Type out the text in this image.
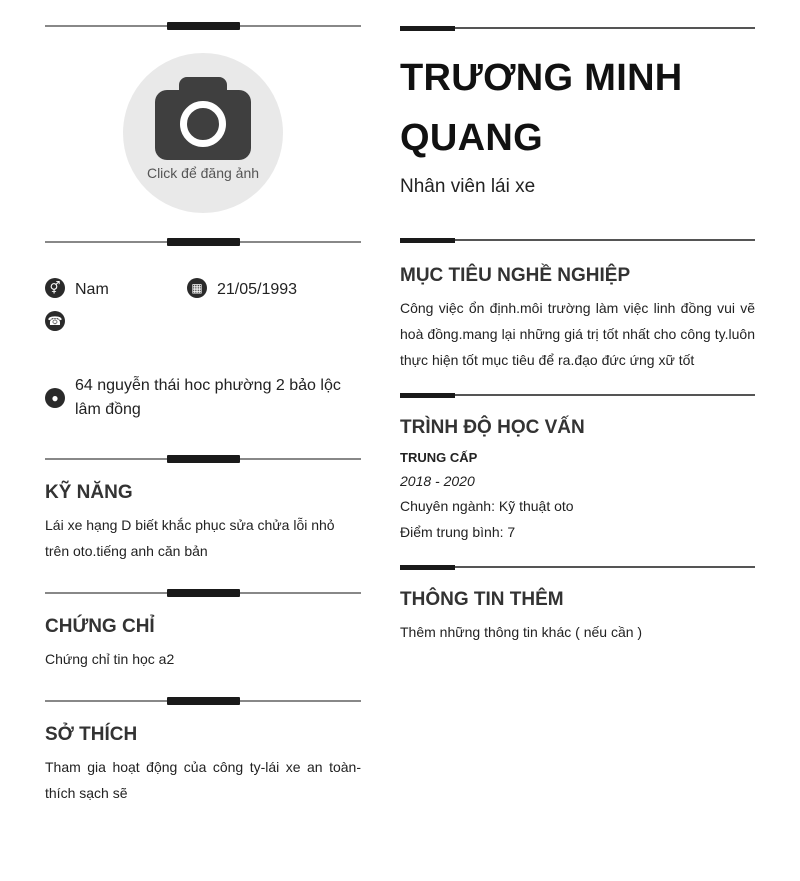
Click để đăng ảnh
⚥ Nam	▦ 21/05/1993
☎
●
64 nguyễn thái hoc phường 2 bảo lộc lâm đồng
KỸ NĂNG
Lái xe hạng D biết khắc phục sửa chửa lỗi nhỏ trên oto.tiếng anh căn bản
CHỨNG CHỈ
Chứng chỉ tin học a2
SỞ THÍCH
Tham gia hoạt động của công ty-lái xe an toàn-thích sạch sẽ
TRƯƠNG MINH QUANG
Nhân viên lái xe
MỤC TIÊU NGHỀ NGHIỆP
Công việc ổn định.môi trường làm việc linh đồng vui vẽ hoà đồng.mang lại những giá trị tốt nhất cho công ty.luôn thực hiện tốt mục tiêu để ra.đạo đức ứng xữ tốt
TRÌNH ĐỘ HỌC VẤN
TRUNG CẤP
2018 - 2020
Chuyên ngành: Kỹ thuật oto
Điểm trung bình: 7
THÔNG TIN THÊM
Thêm những thông tin khác ( nếu cần )
